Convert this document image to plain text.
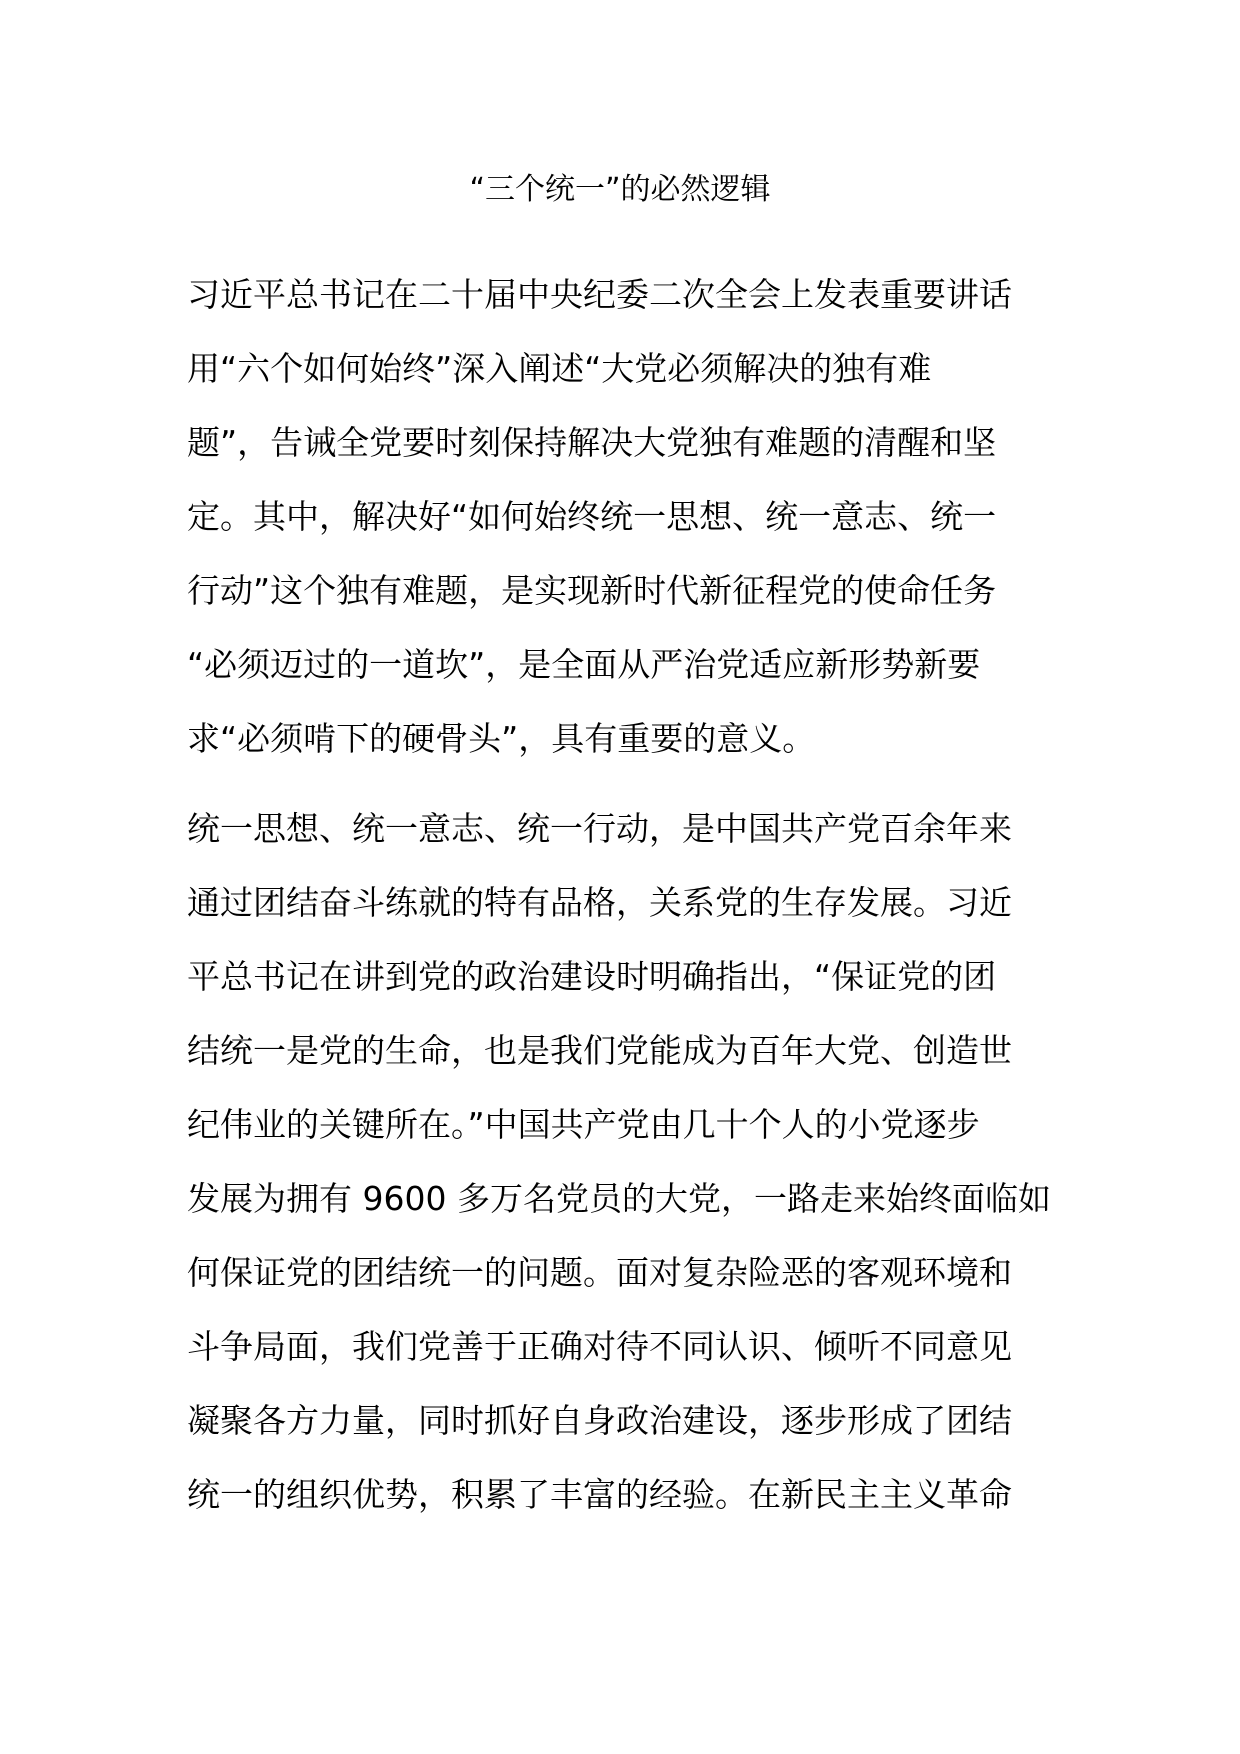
“三个统一”的必然逻辑

习近平总书记在二十届中央纪委二次全会上发表重要讲话
用“六个如何始终”深入阐述“大党必须解决的独有难
题”，告诫全党要时刻保持解决大党独有难题的清醒和坚
定。其中，解决好“如何始终统一思想、统一意志、统一
行动”这个独有难题，是实现新时代新征程党的使命任务
“必须迈过的一道坎”，是全面从严治党适应新形势新要
求“必须啃下的硬骨头”，具有重要的意义。

统一思想、统一意志、统一行动，是中国共产党百余年来
通过团结奋斗练就的特有品格，关系党的生存发展。习近
平总书记在讲到党的政治建设时明确指出，“保证党的团
结统一是党的生命，也是我们党能成为百年大党、创造世
纪伟业的关键所在。”中国共产党由几十个人的小党逐步
发展为拥有 9600 多万名党员的大党，一路走来始终面临如
何保证党的团结统一的问题。面对复杂险恶的客观环境和
斗争局面，我们党善于正确对待不同认识、倾听不同意见
凝聚各方力量，同时抓好自身政治建设，逐步形成了团结
统一的组织优势，积累了丰富的经验。在新民主主义革命
